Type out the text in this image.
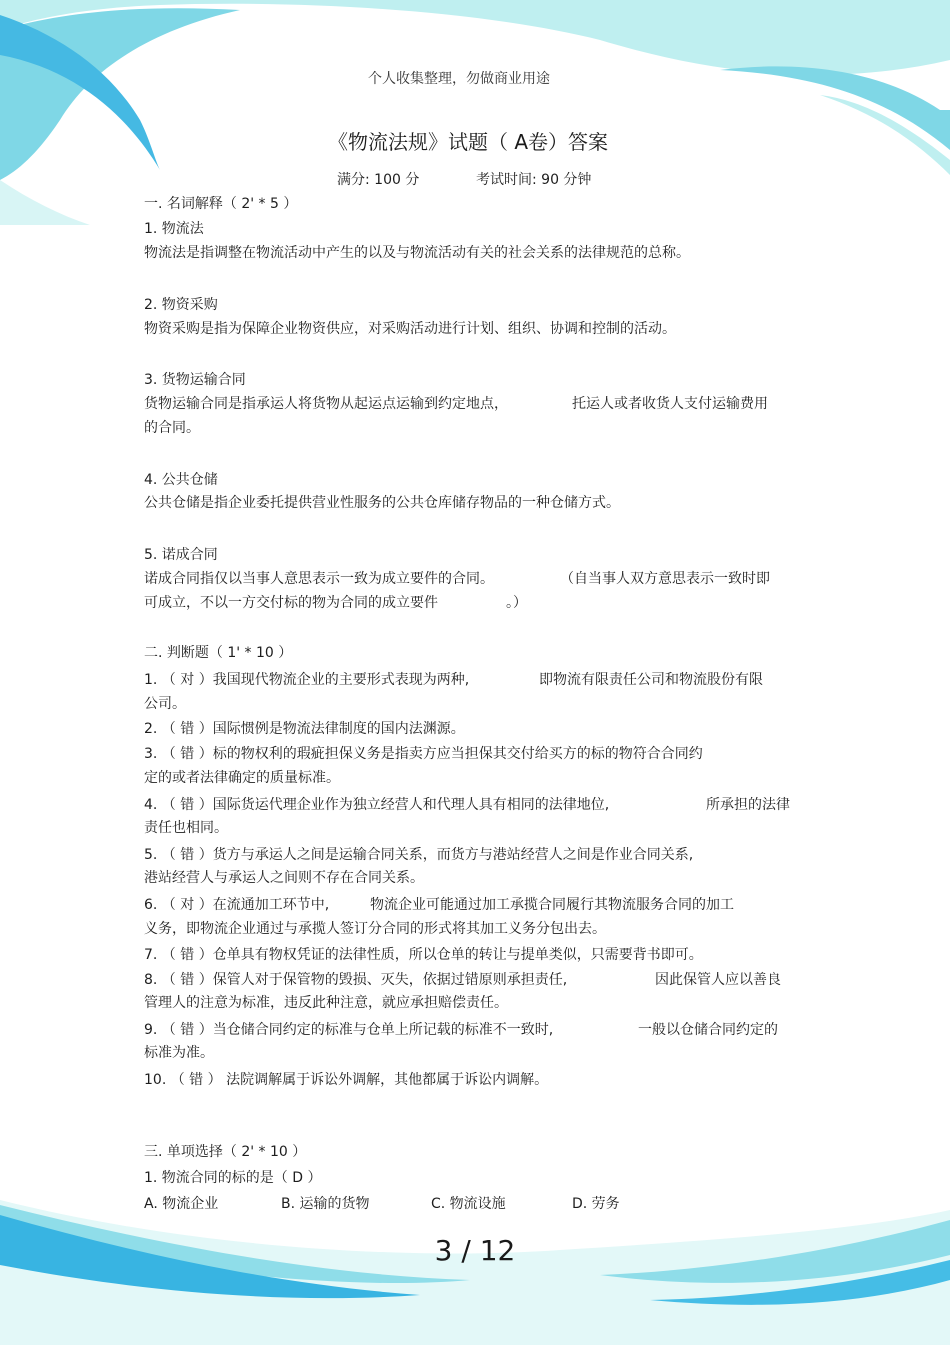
个人收集整理，勿做商业用途
《物流法规》试题（ A卷）答案
满分: 100 分	考试时间: 90 分钟
一. 名词解释（ 2' * 5 ）
1. 物流法
物流法是指调整在物流活动中产生的以及与物流活动有关的社会关系的法律规范的总称。
2. 物资采购
物资采购是指为保障企业物资供应，对采购活动进行计划、组织、协调和控制的活动。
3. 货物运输合同
货物运输合同是指承运人将货物从起运点运输到约定地点，	托运人或者收货人支付运输费用
的合同。
4. 公共仓储
公共仓储是指企业委托提供营业性服务的公共仓库储存物品的一种仓储方式。
5. 诺成合同
诺成合同指仅以当事人意思表示一致为成立要件的合同。	（自当事人双方意思表示一致时即
可成立，不以一方交付标的物为合同的成立要件	。）
二. 判断题（ 1' * 10 ）
1. （ 对 ）我国现代物流企业的主要形式表现为两种,	即物流有限责任公司和物流股份有限
公司。
2. （ 错 ）国际惯例是物流法律制度的国内法渊源。
3. （ 错 ）标的物权利的瑕疵担保义务是指卖方应当担保其交付给买方的标的物符合合同约
定的或者法律确定的质量标准。
4. （ 错 ）国际货运代理企业作为独立经营人和代理人具有相同的法律地位,	所承担的法律
责任也相同。
5. （ 错 ）货方与承运人之间是运输合同关系，而货方与港站经营人之间是作业合同关系,
港站经营人与承运人之间则不存在合同关系。
6. （ 对 ）在流通加工环节中,	物流企业可能通过加工承揽合同履行其物流服务合同的加工
义务，即物流企业通过与承揽人签订分合同的形式将其加工义务分包出去。
7. （ 错 ）仓单具有物权凭证的法律性质，所以仓单的转让与提单类似，只需要背书即可。
8. （ 错 ）保管人对于保管物的毁损、灭失，依据过错原则承担责任,	因此保管人应以善良
管理人的注意为标准，违反此种注意，就应承担赔偿责任。
9. （ 错 ）当仓储合同约定的标准与仓单上所记载的标准不一致时,	一般以仓储合同约定的
标准为准。
10. （ 错 ） 法院调解属于诉讼外调解，其他都属于诉讼内调解。
三. 单项选择（ 2' * 10 ）
1. 物流合同的标的是（ D ）
A. 物流企业	B. 运输的货物	C. 物流设施	D. 劳务
3 / 12
